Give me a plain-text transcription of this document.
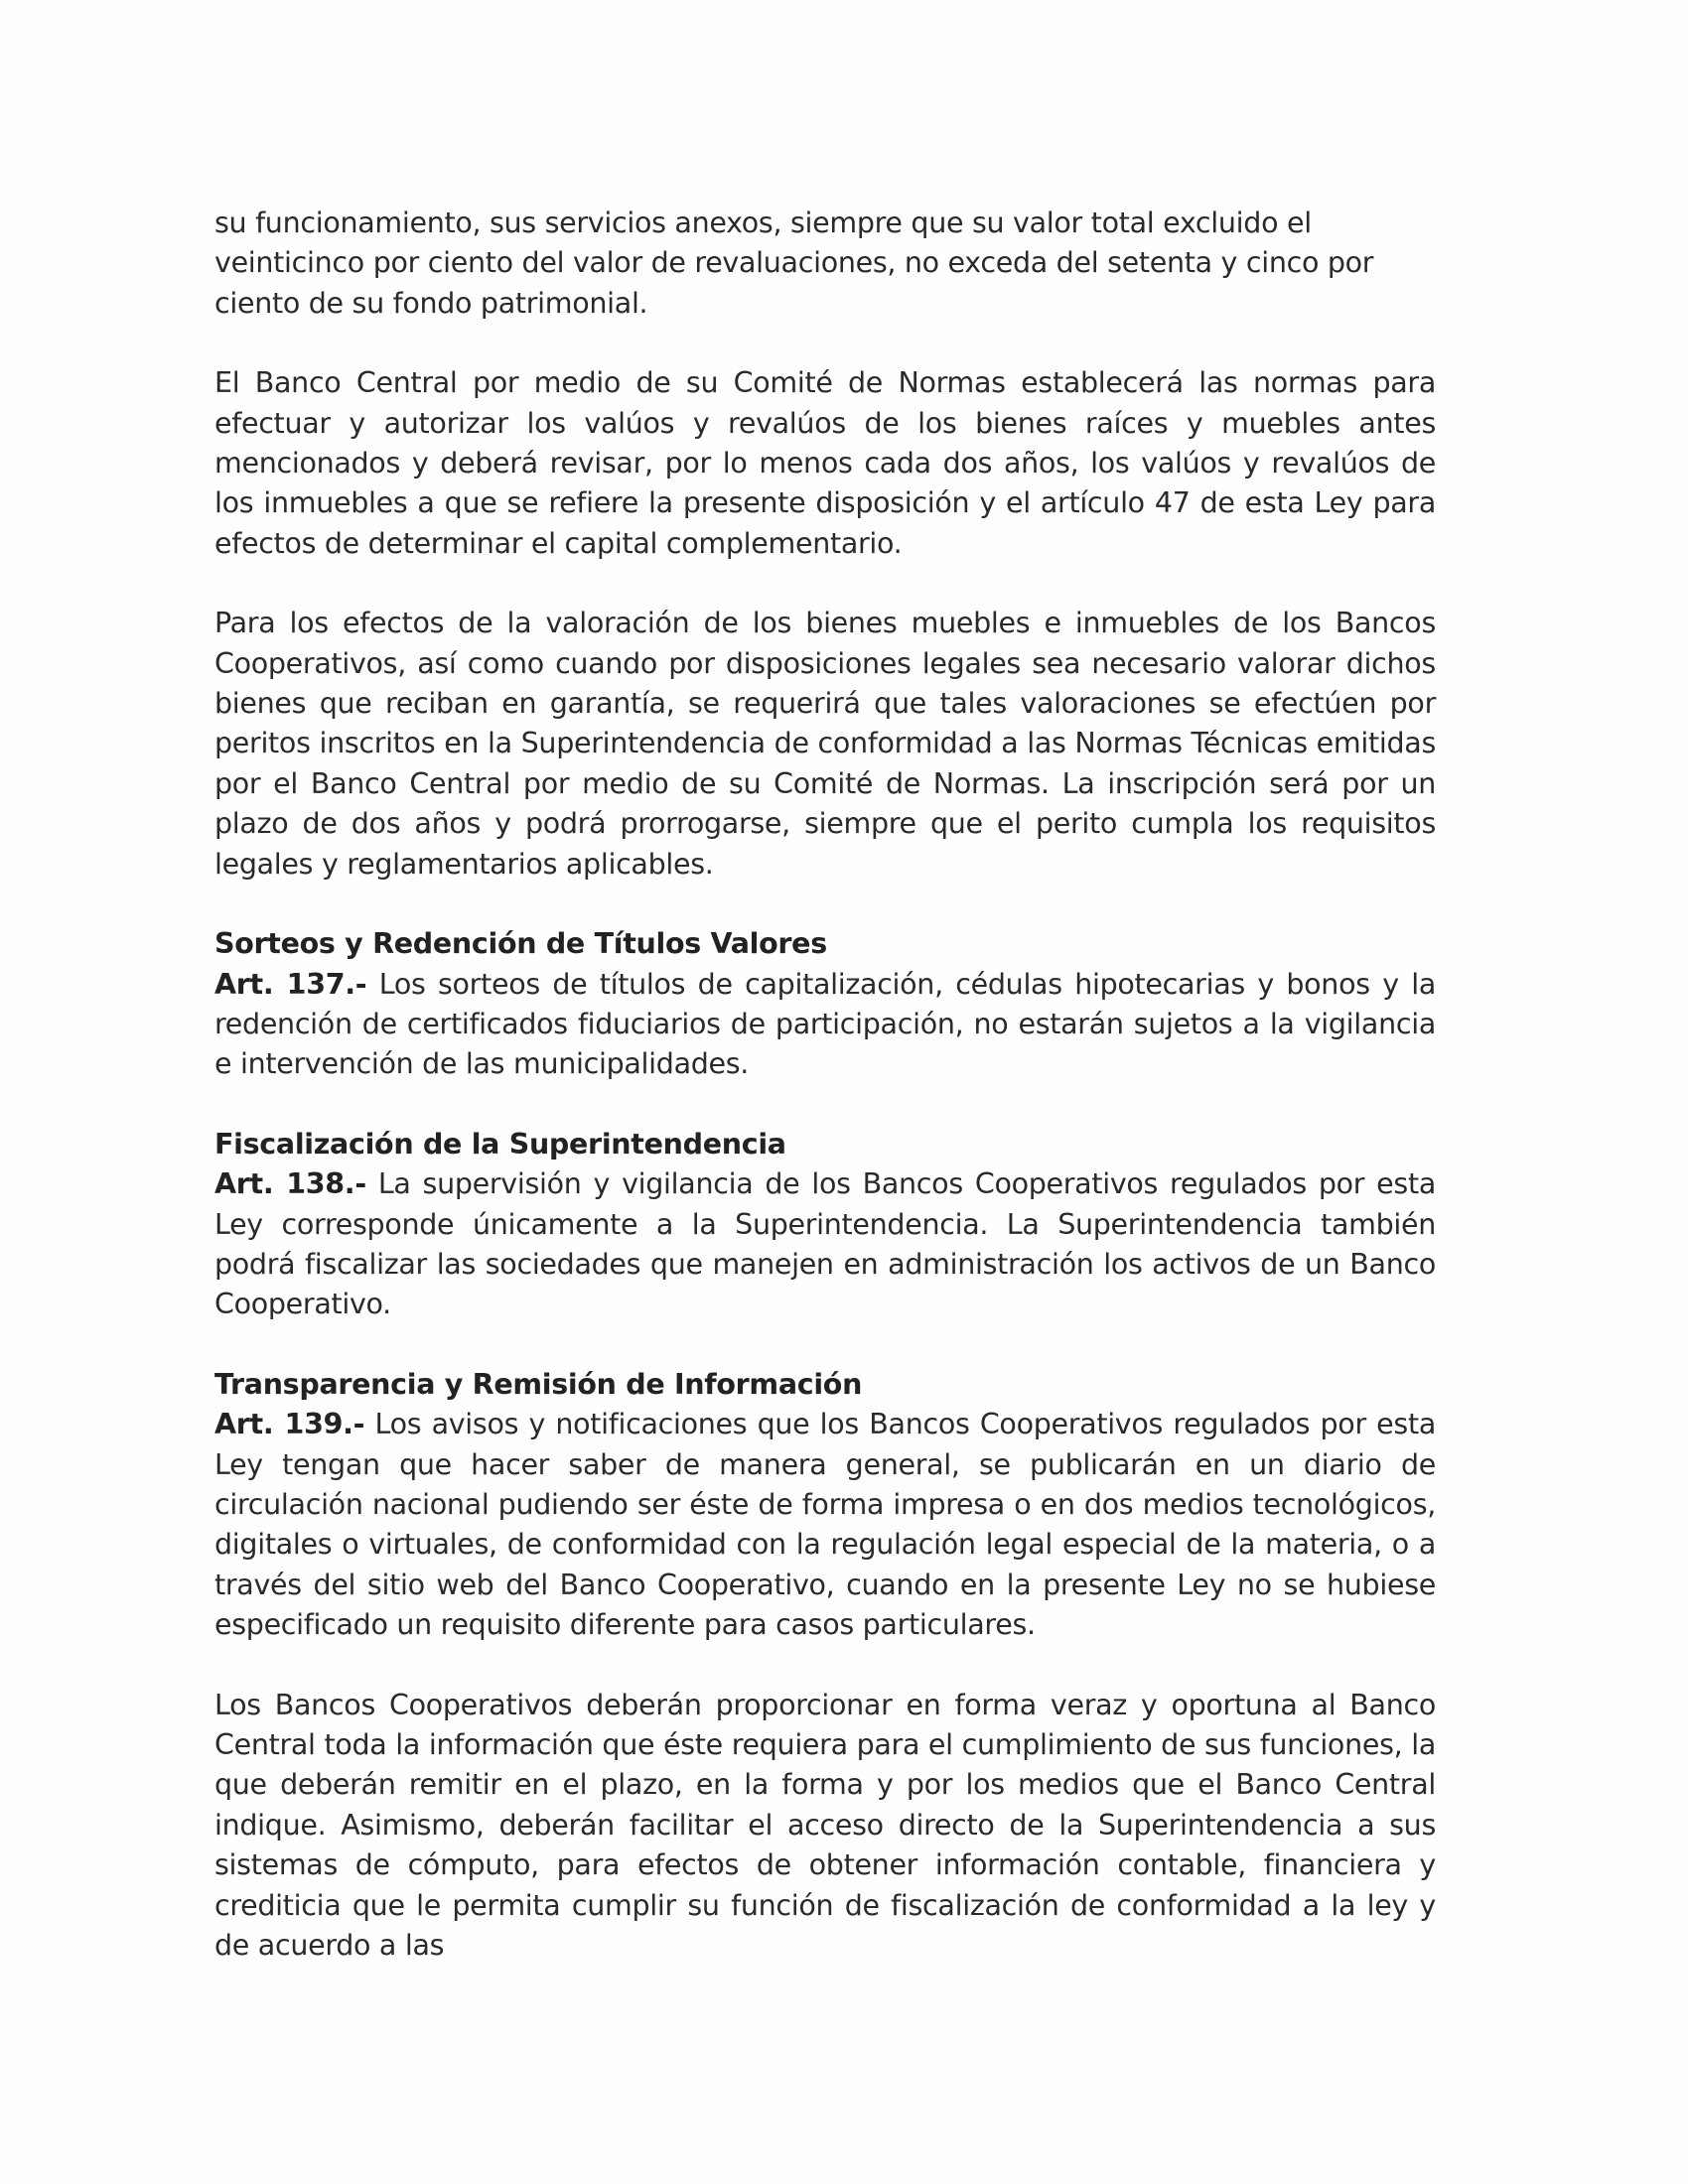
su funcionamiento, sus servicios anexos, siempre que su valor total excluido el veinticinco por ciento del valor de revaluaciones, no exceda del setenta y cinco por ciento de su fondo patrimonial.

El Banco Central por medio de su Comité de Normas establecerá las normas para efectuar y autorizar los valúos y revalúos de los bienes raíces y muebles antes mencionados y deberá revisar, por lo menos cada dos años, los valúos y revalúos de los inmuebles a que se refiere la presente disposición y el artículo 47 de esta Ley para efectos de determinar el capital complementario.

Para los efectos de la valoración de los bienes muebles e inmuebles de los Bancos Cooperativos, así como cuando por disposiciones legales sea necesario valorar dichos bienes que reciban en garantía, se requerirá que tales valoraciones se efectúen por peritos inscritos en la Superintendencia de conformidad a las Normas Técnicas emitidas por el Banco Central por medio de su Comité de Normas. La inscripción será por un plazo de dos años y podrá prorrogarse, siempre que el perito cumpla los requisitos legales y reglamentarios aplicables.

Sorteos y Redención de Títulos Valores

Art. 137.- Los sorteos de títulos de capitalización, cédulas hipotecarias y bonos y la redención de certificados fiduciarios de participación, no estarán sujetos a la vigilancia e intervención de las municipalidades.

Fiscalización de la Superintendencia

Art. 138.- La supervisión y vigilancia de los Bancos Cooperativos regulados por esta Ley corresponde únicamente a la Superintendencia. La Superintendencia también podrá fiscalizar las sociedades que manejen en administración los activos de un Banco Cooperativo.

Transparencia y Remisión de Información

Art. 139.- Los avisos y notificaciones que los Bancos Cooperativos regulados por esta Ley tengan que hacer saber de manera general, se publicarán en un diario de circulación nacional pudiendo ser éste de forma impresa o en dos medios tecnológicos, digitales o virtuales, de conformidad con la regulación legal especial de la materia, o a través del sitio web del Banco Cooperativo, cuando en la presente Ley no se hubiese especificado un requisito diferente para casos particulares.

Los Bancos Cooperativos deberán proporcionar en forma veraz y oportuna al Banco Central toda la información que éste requiera para el cumplimiento de sus funciones, la que deberán remitir en el plazo, en la forma y por los medios que el Banco Central indique. Asimismo, deberán facilitar el acceso directo de la Superintendencia a sus sistemas de cómputo, para efectos de obtener información contable, financiera y crediticia que le permita cumplir su función de fiscalización de conformidad a la ley y de acuerdo a las
